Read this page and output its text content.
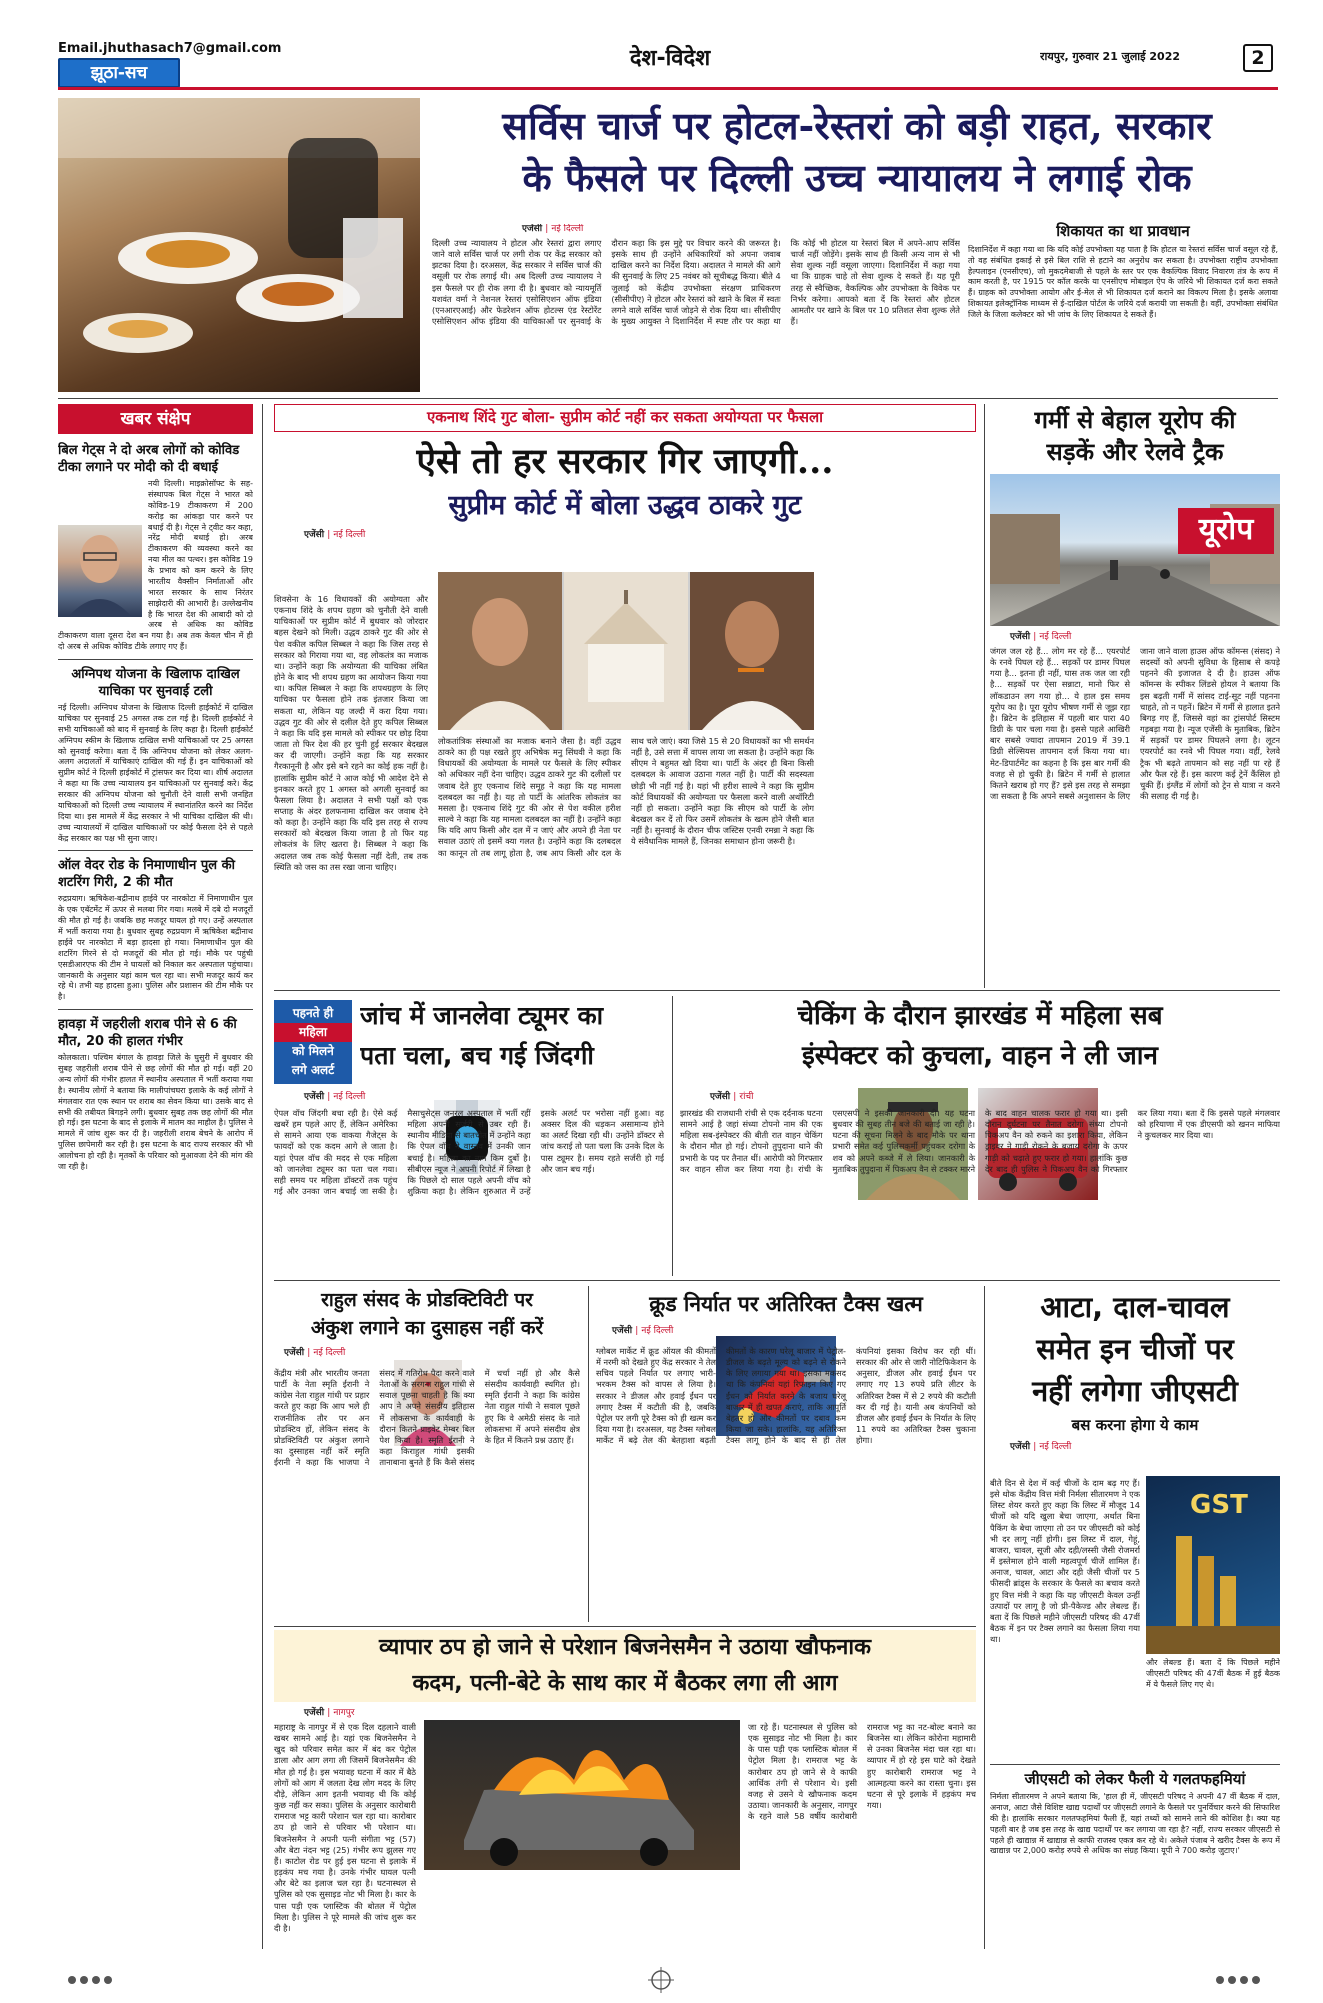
Email.jhuthasach7@gmail.com
झूठा-सच
देश-विदेश	रायपुर, गुरुवार 21 जुलाई 2022	2
सर्विस चार्ज पर होटल-रेस्तरां को बड़ी राहत, सरकार
के फैसले पर दिल्ली उच्च न्यायालय ने लगाई रोक
एजेंसी | नई दिल्ली
दिल्ली उच्च न्यायालय ने होटल और रेस्तरां द्वारा लगाए जाने वाले सर्विस चार्ज पर लगी रोक पर केंद्र सरकार को झटका दिया है। दरअसल, केंद्र सरकार ने सर्विस चार्ज की वसूली पर रोक लगाई थी। अब दिल्ली उच्च न्यायालय ने इस फैसले पर ही रोक लगा दी है। बुधवार को न्यायमूर्ति यशवंत वर्मा ने नेशनल रेस्तरां एसोसिएशन ऑफ इंडिया (एनआरएआई) और फेडरेशन ऑफ होटल्स एंड रेस्टोरेंट एसोसिएशन ऑफ इंडिया की याचिकाओं पर सुनवाई के दौरान कहा कि इस मुद्दे पर विचार करने की जरूरत है। इसके साथ ही उन्होंने अधिकारियों को अपना जवाब दाखिल करने का निर्देश दिया। अदालत ने मामले की आगे की सुनवाई के लिए 25 नवंबर को सूचीबद्ध किया। बीते 4 जुलाई को केंद्रीय उपभोक्ता संरक्षण प्राधिकरण (सीसीपीए) ने होटल और रेस्तरां को खाने के बिल में स्वतः लगने वाले सर्विस चार्ज जोड़ने से रोक दिया था। सीसीपीए के मुख्य आयुक्त ने दिशानिर्देश में स्पष्ट तौर पर कहा था कि कोई भी होटल या रेस्तरां बिल में अपने-आप सर्विस चार्ज नहीं जोड़ेंगे। इसके साथ ही किसी अन्य नाम से भी सेवा शुल्क नहीं वसूला जाएगा। दिशानिर्देश में कहा गया था कि ग्राहक चाहे तो सेवा शुल्क दे सकते हैं। यह पूरी तरह से स्वैच्छिक, वैकल्पिक और उपभोक्ता के विवेक पर निर्भर करेगा। आपको बता दें कि रेस्तरां और होटल आमतौर पर खाने के बिल पर 10 प्रतिशत सेवा शुल्क लेते हैं।
शिकायत का था प्रावधान
दिशानिर्देश में कहा गया था कि यदि कोई उपभोक्ता यह पाता है कि होटल या रेस्तरां सर्विस चार्ज वसूल रहे हैं, तो वह संबंधित इकाई से इसे बिल राशि से हटाने का अनुरोध कर सकता है। उपभोक्ता राष्ट्रीय उपभोक्ता हेल्पलाइन (एनसीएच), जो मुकदमेबाजी से पहले के स्तर पर एक वैकल्पिक विवाद निवारण तंत्र के रूप में काम करती है, पर 1915 पर कॉल करके या एनसीएच मोबाइल ऐप के जरिये भी शिकायत दर्ज करा सकते हैं। ग्राहक को उपभोक्ता आयोग और ई-मेल से भी शिकायत दर्ज कराने का विकल्प मिला है। इसके अलावा शिकायत इलेक्ट्रॉनिक माध्यम से ई-दाखिल पोर्टल के जरिये दर्ज करायी जा सकती है। वहीं, उपभोक्ता संबंधित जिले के जिला कलेक्टर को भी जांच के लिए शिकायत दे सकते हैं।
खबर संक्षेप
बिल गेट्स ने दो अरब लोगों को कोविड टीका लगाने पर मोदी को दी बधाई
नयी दिल्ली। माइक्रोसॉफ्ट के सह-संस्थापक बिल गेट्स ने भारत को कोविड-19 टीकाकरण में 200 करोड़ का आंकड़ा पार करने पर बधाई दी है। गेट्स ने ट्वीट कर कहा, नरेंद्र मोदी बधाई हो। अरब टीकाकरण की व्यवस्था करने का नया मील का पत्थर। इस कोविड 19 के प्रभाव को कम करने के लिए भारतीय वैक्सीन निर्माताओं और भारत सरकार के साथ निरंतर साझेदारी की आभारी है। उल्लेखनीय है कि भारत देश की आबादी को दो अरब से अधिक का कोविड टीकाकरण वाला दूसरा देश बन गया है। अब तक केवल चीन में ही दो अरब से अधिक कोविड टीके लगाए गए हैं।
अग्निपथ योजना के खिलाफ दाखिल याचिका पर सुनवाई टली
नई दिल्ली। अग्निपथ योजना के खिलाफ दिल्ली हाईकोर्ट में दाखिल याचिका पर सुनवाई 25 अगस्त तक टल गई है। दिल्ली हाईकोर्ट ने सभी याचिकाओं को बाद में सुनवाई के लिए कहा है। दिल्ली हाईकोर्ट अग्निपथ स्कीम के खिलाफ दाखिल सभी याचिकाओं पर 25 अगस्त को सुनवाई करेगा। बता दें कि अग्निपथ योजना को लेकर अलग-अलग अदालतों में याचिकाएं दाखिल की गई हैं। इन याचिकाओं को सुप्रीम कोर्ट ने दिल्ली हाईकोर्ट में ट्रांसफर कर दिया था। शीर्ष अदालत ने कहा था कि उच्च न्यायालय इन याचिकाओं पर सुनवाई करे। केंद्र सरकार की अग्निपथ योजना को चुनौती देने वाली सभी जनहित याचिकाओं को दिल्ली उच्च न्यायालय में स्थानांतरित करने का निर्देश दिया था। इस मामले में केंद्र सरकार ने भी याचिका दाखिल की थी। उच्च न्यायालयों में दाखिल याचिकाओं पर कोई फैसला देने से पहले केंद्र सरकार का पक्ष भी सुना जाए।
ऑल वेदर रोड के निमाणाधीन पुल की शटरिंग गिरी, 2 की मौत
रुद्रप्रयाग। ऋषिकेश-बद्रीनाथ हाईवे पर नारकोटा में निमाणाधीन पुल के एक एबॅटमेंट में ऊपर से मलबा गिर गया। मलबे में दबे दो मजदूरों की मौत हो गई है। जबकि छह मजदूर घायल हो गए। उन्हें अस्पताल में भर्ती कराया गया है। बुधवार सुबह रुद्रप्रयाग में ऋषिकेश बद्रीनाथ हाईवे पर नारकोटा में बड़ा हादसा हो गया। निमाणाधीन पुल की शटरिंग गिरने से दो मजदूरों की मौत हो गई। मौके पर पहुंची एसडीआरएफ की टीम ने घायलों को निकाल कर अस्पताल पहुंचाया। जानकारी के अनुसार यहां काम चल रहा था। सभी मजदूर कार्य कर रहे थे। तभी यह हादसा हुआ। पुलिस और प्रशासन की टीम मौके पर है।
हावड़ा में जहरीली शराब पीने से 6 की मौत, 20 की हालत गंभीर
कोलकाता। पश्चिम बंगाल के हावड़ा जिले के घुसुरी में बुधवार की सुबह जहरीली शराब पीने से छह लोगों की मौत हो गई। वहीं 20 अन्य लोगों की गंभीर हालत में स्थानीय अस्पताल में भर्ती कराया गया है। स्थानीय लोगों ने बताया कि मालीपांचघरा इलाके के कई लोगों ने मंगलवार रात एक स्थान पर शराब का सेवन किया था। उसके बाद से सभी की तबीयत बिगड़ने लगी। बुधवार सुबह तक छह लोगों की मौत हो गई। इस घटना के बाद से इलाके में मातम का माहौल है। पुलिस ने मामले में जांच शुरू कर दी है। जहरीली शराब बेचने के आरोप में पुलिस छापेमारी कर रही है। इस घटना के बाद राज्य सरकार की भी आलोचना हो रही है। मृतकों के परिवार को मुआवजा देने की मांग की जा रही है।
एकनाथ शिंदे गुट बोला- सुप्रीम कोर्ट नहीं कर सकता अयोग्यता पर फैसला
ऐसे तो हर सरकार गिर जाएगी...
सुप्रीम कोर्ट में बोला उद्धव ठाकरे गुट
एजेंसी | नई दिल्ली
शिवसेना के 16 विधायकों की अयोग्यता और एकनाथ शिंदे के शपथ ग्रहण को चुनौती देने वाली याचिकाओं पर सुप्रीम कोर्ट में बुधवार को जोरदार बहस देखने को मिली। उद्धव ठाकरे गुट की ओर से पेश वकील कपिल सिब्बल ने कहा कि जिस तरह से सरकार को गिराया गया था, वह लोकतंत्र का मजाक था। उन्होंने कहा कि अयोग्यता की याचिका लंबित होने के बाद भी शपथ ग्रहण का आयोजन किया गया था। कपिल सिब्बल ने कहा कि शपथग्रहण के लिए याचिका पर फैसला होने तक इंतजार किया जा सकता था, लेकिन यह जल्दी में करा दिया गया। उद्धव गुट की ओर से दलील देते हुए कपिल सिब्बल ने कहा कि यदि इस मामले को स्पीकर पर छोड़ दिया जाता तो फिर देश की हर चुनी हुई सरकार बेदखल कर दी जाएगी। उन्होंने कहा कि यह सरकार गैरकानूनी है और इसे बने रहने का कोई हक नहीं है। हालांकि सुप्रीम कोर्ट ने आज कोई भी आदेश देने से इनकार करते हुए 1 अगस्त को अगली सुनवाई का फैसला लिया है। अदालत ने सभी पक्षों को एक सप्ताह के अंदर हलफनामा दाखिल कर जवाब देने को कहा है। उन्होंने कहा कि यदि इस तरह से राज्य सरकारों को बेदखल किया जाता है तो फिर यह लोकतंत्र के लिए खतरा है। सिब्बल ने कहा कि अदालत जब तक कोई फैसला नहीं देती, तब तक स्थिति को जस का तस रखा जाना चाहिए।
लोकतांत्रिक संस्थाओं का मजाक बनाने जैसा है। वहीं उद्धव ठाकरे का ही पक्ष रखते हुए अभिषेक मनु सिंघवी ने कहा कि विधायकों की अयोग्यता के मामले पर फैसले के लिए स्पीकर को अधिकार नहीं देना चाहिए। उद्धव ठाकरे गुट की दलीलों पर जवाब देते हुए एकनाथ शिंदे समूह ने कहा कि यह मामला दलबदल का नहीं है। यह तो पार्टी के आंतरिक लोकतंत्र का मसला है। एकनाथ शिंदे गुट की ओर से पेश वकील हरीश साल्वे ने कहा कि यह मामला दलबदल का नहीं है। उन्होंने कहा कि यदि आप किसी और दल में न जाएं और अपने ही नेता पर सवाल उठाएं तो इसमें क्या गलत है। उन्होंने कहा कि दलबदल का कानून तो तब लागू होता है, जब आप किसी और दल के साथ चले जाएं। क्या जिसे 15 से 20 विधायकों का भी समर्थन नहीं है, उसे सत्ता में वापस लाया जा सकता है। उन्होंने कहा कि सीएम ने बहुमत खो दिया था। पार्टी के अंदर ही बिना किसी दलबदल के आवाज उठाना गलत नहीं है। पार्टी की सदस्यता छोड़ी भी नहीं गई है। यहां भी हरीश साल्वे ने कहा कि सुप्रीम कोर्ट विधायकों की अयोग्यता पर फैसला करने वाली अथॉरिटी नहीं हो सकता। उन्होंने कहा कि सीएम को पार्टी के लोग बेदखल कर दें तो फिर उसमें लोकतंत्र के खत्म होने जैसी बात नहीं है। सुनवाई के दौरान चीफ जस्टिस एनवी रमन्ना ने कहा कि ये संवैधानिक मामले हैं, जिनका समाधान होना जरूरी है।
गर्मी से बेहाल यूरोप की
सड़कें और रेलवे ट्रैक
यूरोप
एजेंसी | नई दिल्ली
जंगल जल रहे हैं... लोग मर रहे हैं... एयरपोर्ट के रनवे पिघल रहे हैं... सड़कों पर डामर पिघल गया है... इतना ही नहीं, घास तक जल जा रही है... सड़कों पर ऐसा सन्नाटा, मानो फिर से लॉकडाउन लग गया हो... ये हाल इस समय यूरोप का है। पूरा यूरोप भीषण गर्मी से जूझ रहा है। ब्रिटेन के इतिहास में पहली बार पारा 40 डिग्री के पार चला गया है। इससे पहले आखिरी बार सबसे ज्यादा तापमान 2019 में 39.1 डिग्री सेल्सियस तापमान दर्ज किया गया था। मेट-डिपार्टमेंट का कहना है कि इस बार गर्मी की वजह से हो चुकी है। ब्रिटेन में गर्मी से हालात कितने खराब हो गए हैं? इसे इस तरह से समझा जा सकता है कि अपने सबसे अनुशासन के लिए जाना जाने वाला हाउस ऑफ कॉमन्स (संसद) ने सदस्यों को अपनी सुविधा के हिसाब से कपड़े पहनने की इजाजत दे दी है। हाउस ऑफ कॉमन्स के स्पीकर लिंडसे होयल ने बताया कि इस बढ़ती गर्मी में सांसद टाई-सूट नहीं पहनना चाहते, तो न पहनें। ब्रिटेन में गर्मी से हालात इतने बिगड़ गए हैं, जिससे वहां का ट्रांसपोर्ट सिस्टम गड़बड़ा गया है। न्यूज एजेंसी के मुताबिक, ब्रिटेन में सड़कों पर डामर पिघलने लगा है। लूटन एयरपोर्ट का रनवे भी पिघल गया। वहीं, रेलवे ट्रैक भी बढ़ते तापमान को सह नहीं पा रहे हैं और फैल रहे हैं। इस कारण कई ट्रेनें कैंसिल हो चुकी हैं। इंग्लैंड में लोगों को ट्रेन से यात्रा न करने की सलाह दी गई है।
पहनते ही
महिला
को मिलने
लगे अलर्ट
जांच में जानलेवा ट्यूमर का
पता चला, बच गई जिंदगी
एजेंसी | नई दिल्ली
ऐपल वॉच जिंदगी बचा रही है। ऐसे कई खबरें हम पहले आए हैं, लेकिन अमेरिका से सामने आया एक वाकया गैजेट्स के फायदों को एक कदम आगे ले जाता है। यहां ऐपल वॉच की मदद से एक महिला को जानलेवा ट्यूमर का पता चल गया। सही समय पर महिला डॉक्टरों तक पहुंच गई और उनका जान बचाई जा सकी है। मैसाचुसेट्स जनरल अस्पताल में भर्ती रहीं महिला अपनी सर्जरी से उबर रही हैं। स्थानीय मीडिया से बातचीत में उन्होंने कहा कि ऐपल वॉच ने वास्तव में उनकी जान बचाई है। महिला का नाम किम दुर्बो है। सीबीएस न्यूज ने अपनी रिपोर्ट में लिखा है कि पिछले दो साल पहले अपनी वॉच को शुक्रिया कहा है। लेकिन शुरुआत में उन्हें इसके अलर्ट पर भरोसा नहीं हुआ। वह अक्सर दिल की धड़कन असामान्य होने का अलर्ट दिखा रही थी। उन्होंने डॉक्टर से जांच कराई तो पता चला कि उनके दिल के पास ट्यूमर है। समय रहते सर्जरी हो गई और जान बच गई।
चेकिंग के दौरान झारखंड में महिला सब
इंस्पेक्टर को कुचला, वाहन ने ली जान
एजेंसी | रांची
झारखंड की राजधानी रांची से एक दर्दनाक घटना सामने आई है जहां संध्या टोपनो नाम की एक महिला सब-इंस्पेक्टर की बीती रात वाहन चेकिंग के दौरान मौत हो गई। टोपनो तुपुदाना थाने की प्रभारी के पद पर तैनात थीं। आरोपी को गिरफ्तार कर वाहन सीज कर लिया गया है। रांची के एसएसपी ने इसकी जानकारी दी। यह घटना बुधवार की सुबह तीन बजे की बताई जा रही है। घटना की सूचना मिलने के बाद मौके पर थाना प्रभारी समेत कई पुलिसकर्मी पहुंचकर दरोगा के शव को अपने कब्जे में ले लिया। जानकारी के मुताबिक तुपुदाना में पिकअप वैन से टक्कर मारने के बाद वाहन चालक फरार हो गया था। इसी दौरान दुर्घटना पर तैनात दरोगा संध्या टोपनो पिकअप वैन को रुकने का इशारा किया, लेकिन ड्राइवर ने गाड़ी रोकने के बजाय दरोगा के ऊपर गाड़ी को चढ़ाते हुए फरार हो गया। हालांकि कुछ देर बाद ही पुलिस ने पिकअप वैन को गिरफ्तार कर लिया गया। बता दें कि इससे पहले मंगलवार को हरियाणा में एक डीएसपी को खनन माफिया ने कुचलकर मार दिया था।
राहुल संसद के प्रोडक्टिविटी पर
अंकुश लगाने का दुसाहस नहीं करें
एजेंसी | नई दिल्ली
केंद्रीय मंत्री और भारतीय जनता पार्टी के नेता स्मृति ईरानी ने कांग्रेस नेता राहुल गांधी पर प्रहार करते हुए कहा कि आप भले ही राजनीतिक तौर पर अन प्रोडक्टिव हों, लेकिन संसद के प्रोडक्टिविटी पर अंकुश लगाने का दुस्साहस नहीं करें स्मृति ईरानी ने कहा कि भाजपा ने संसद में गतिरोध पैदा करने वाले नेताओं के सरगना राहुल गांधी से सवाल पूछना चाहती है कि क्या आप ने अपने संसदीय इतिहास में लोकसभा के कार्यवाही के दौरान कितने प्राइवेट मेम्बर बिल पेश किया है। स्मृति ईरानी ने कहा किराहुल गांधी इसकी तानाबाना बुनते हैं कि कैसे संसद में चर्चा नहीं हो और कैसे संसदीय कार्यवाही स्थगित हो। स्मृति ईरानी ने कहा कि कांग्रेस नेता राहुल गांधी ने सवाल पूछते हुए कि वे अमेठी संसद के नाते लोकसभा में अपने संसदीय क्षेत्र के हित में कितने प्रश्न उठाए हैं।
क्रूड निर्यात पर अतिरिक्त टैक्स खत्म
एजेंसी | नई दिल्ली
ग्लोबल मार्केट में क्रूड ऑयल की कीमतों में नरमी को देखते हुए केंद्र सरकार ने तेल सचिव पहले निर्यात पर लगाए भारी-भरकम टैक्स को वापस ले लिया है। सरकार ने डीजल और हवाई ईंधन पर लगाए टैक्स में कटौती की है, जबकि पेट्रोल पर लगी पूरे टैक्स को ही खत्म कर दिया गया है। दरअसल, यह टैक्स ग्लोबल मार्केट में बढ़े तेल की बेतहाशा बढ़ती कीमतों के कारण घरेलू बाजार में पेट्रोल-डीजल के बढ़ते मूल्य को बढ़ने से रोकने के लिए लगाया गया था। इसका मकसद था कि कंपनियां यहां रिफाइन किए गए ईंधन को निर्यात करने के बजाय घरेलू बाजार में ही खपत कराएं, ताकि आपूर्ति बेहतर हो और कीमतों पर दबाव कम किया जा सके। हालांकि, यह अतिरिक्त टैक्स लागू होने के बाद से ही तेल कंपनियां इसका विरोध कर रही थीं। सरकार की ओर से जारी नोटिफिकेशन के अनुसार, डीजल और हवाई ईंधन पर लगाए गए 13 रुपये प्रति लीटर के अतिरिक्त टैक्स में से 2 रुपये की कटौती कर दी गई है। यानी अब कंपनियों को डीजल और हवाई ईंधन के निर्यात के लिए 11 रुपये का अतिरिक्त टैक्स चुकाना होगा।
आटा, दाल-चावल
समेत इन चीजों पर
नहीं लगेगा जीएसटी
बस करना होगा ये काम
एजेंसी | नई दिल्ली
बीते दिन से देश में कई चीजों के दाम बढ़ गए हैं। इसे थोक केंद्रीय वित्त मंत्री निर्मला सीतारमण ने एक लिस्ट शेयर करते हुए कहा कि लिस्ट में मौजूद 14 चीजों को यदि खुला बेचा जाएगा, अर्थात बिना पैकिंग के बेचा जाएगा तो उन पर जीएसटी को कोई भी दर लागू नहीं होगी। इस लिस्ट में दाल, गेहूं, बाजरा, चावल, सूजी और दही/लस्सी जैसी रोजमर्रा में इस्तेमाल होने वाली महत्वपूर्ण चीजें शामिल हैं। अनाज, चावल, आटा और दही जैसी चीजों पर 5 फीसदी ब्रांड्स के सरकार के फैसले का बचाव करते हुए वित्त मंत्री ने कहा कि यह जीएसटी केवल उन्हीं उत्पादों पर लागू है जो प्री-पैकेज्ड और लेबल्ड हैं। बता दें कि पिछले महीने जीएसटी परिषद की 47वीं बैठक में इन पर टैक्स लगाने का फैसला लिया गया था।
GST
और लेबल्ड हैं। बता दें कि पिछले महीने जीएसटी परिषद की 47वीं बैठक में हुई बैठक में ये फैसले लिए गए थे।
जीएसटी को लेकर फैली ये गलतफहमियां
निर्मला सीतारमण ने अपने बताया कि, 'हाल ही में, जीएसटी परिषद ने अपनी 47 वीं बैठक में दाल, अनाज, आटा जैसे विशिष्ट खाद्य पदार्थों पर जीएसटी लगाने के फैसले पर पुनर्विचार करने की सिफारिश की है। हालांकि सरकार गलतफहमियां फैली हैं, यहां तथ्यों को सामने लाने की कोशिश है। क्या यह पहली बार है जब इस तरह के खाद्य पदार्थों पर कर लगाया जा रहा है? नहीं, राज्य सरकार जीएसटी से पहले ही खाद्यान्न में खाद्यान्न से काफी राजस्व एकत्र कर रहे थे। अकेले पंजाब ने खरीद टैक्स के रूप में खाद्यान्न पर 2,000 करोड़ रुपये से अधिक का संग्रह किया। यूपी ने 700 करोड़ जुटाए।'
व्यापार ठप हो जाने से परेशान बिजनेसमैन ने उठाया खौफनाक
कदम, पत्नी-बेटे के साथ कार में बैठकर लगा ली आग
एजेंसी | नागपुर
महाराष्ट्र के नागपुर में से एक दिल दहलाने वाली खबर सामने आई है। यहां एक बिजनेसमैन ने खुद को परिवार समेत कार में बंद कर पेट्रोल डाला और आग लगा ली जिसमें बिजनेसमैन की मौत हो गई है। इस भयावह घटना में कार में बैठे लोगों को आग में जलता देख लोग मदद के लिए दौड़े, लेकिन आग इतनी भयावह थी कि कोई कुछ नहीं कर सका। पुलिस के अनुसार कारोबारी रामराज भट्ट कारी परेशान चल रहा था। कारोबार ठप हो जाने से परिवार भी परेशान था। बिजनेसमैन ने अपनी पत्नी संगीता भट्ट (57) और बेटा नंदन भट्ट (25) गंभीर रूप झुलस गए हैं। काटोल रोड पर हुई इस घटना से इलाके में हड़कंप मच गया है। उनके गंभीर घायल पत्नी और बेटे का इलाज चल रहा है। घटनास्थल से पुलिस को एक सुसाइड नोट भी मिला है। कार के पास पड़ी एक प्लास्टिक की बोतल में पेट्रोल मिला है। पुलिस ने पूरे मामले की जांच शुरू कर दी है।
जा रहे हैं। घटनास्थल से पुलिस को एक सुसाइड नोट भी मिला है। कार के पास पड़ी एक प्लास्टिक बोतल में पेट्रोल मिला है। रामराज भट्ट के कारोबार ठप हो जाने से वे काफी आर्थिक तंगी से परेशान थे। इसी वजह से उसने ये खौफनाक कदम उठाया। जानकारी के अनुसार, नागपुर के रहने वाले 58 वर्षीय कारोबारी रामराज भट्ट का नट-बोल्ट बनाने का बिजनेस था। लेकिन कोरोना महामारी से उनका बिजनेस मंदा चल रहा था। व्यापार में हो रहे इस घाटे को देखते हुए कारोबारी रामराज भट्ट ने आत्महत्या करने का रास्ता चुना। इस घटना से पूरे इलाके में हड़कंप मच गया।
